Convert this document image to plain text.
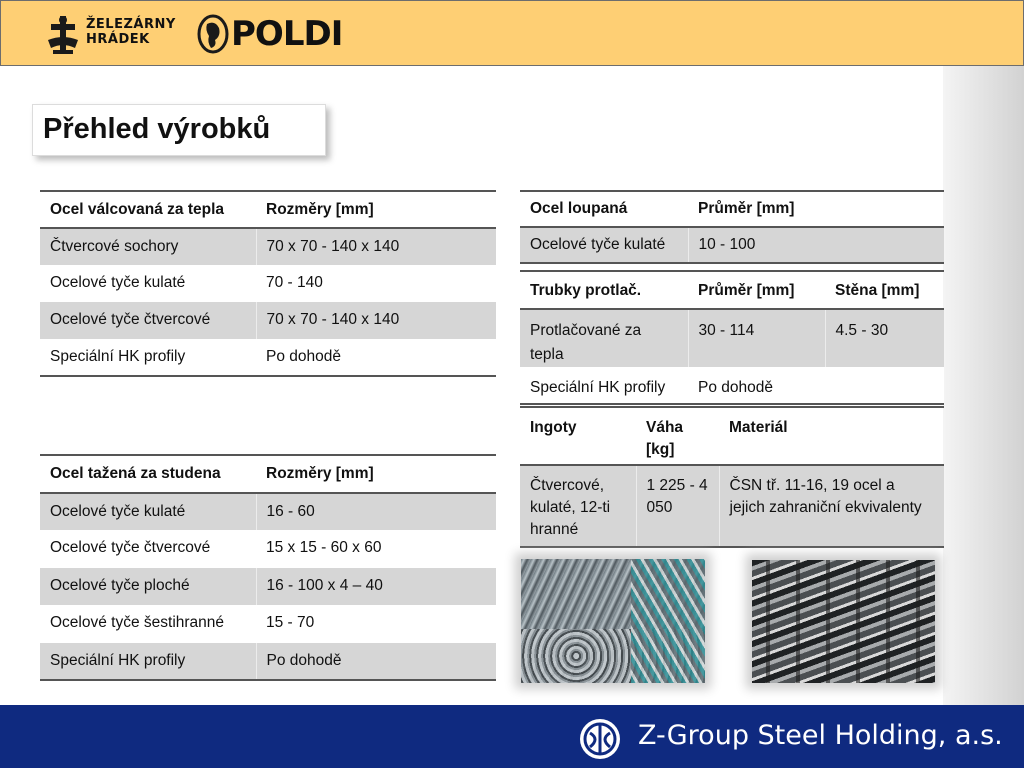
ŽELEZÁRNY
HRÁDEK	POLDI
Přehled výrobků
Ocel válcovaná za tepla	Rozměry [mm]
Čtvercové sochory	70 x 70 - 140 x 140
Ocelové tyče kulaté	70 - 140
Ocelové tyče čtvercové	70 x 70 - 140 x 140
Speciální HK profily	Po dohodě
Ocel tažená za studena	Rozměry [mm]
Ocelové tyče kulaté	16 - 60
Ocelové tyče čtvercové	15 x 15 - 60 x 60
Ocelové tyče ploché	16 - 100 x 4 – 40
Ocelové tyče šestihranné	15 - 70
Speciální HK profily	Po dohodě
Ocel loupaná	Průměr [mm]
Ocelové tyče kulaté	10 - 100
Trubky protlač.	Průměr [mm]	Stěna [mm]
Protlačované za tepla	30 - 114	4.5 - 30
Speciální HK profily	Po dohodě	
Ingoty	Váha [kg]	Materiál
Čtvercové, kulaté, 12-ti hranné	1 225 - 4 050	ČSN tř. 11-16, 19 ocel a jejich zahraniční ekvivalenty
Z-Group Steel Holding, a.s.
